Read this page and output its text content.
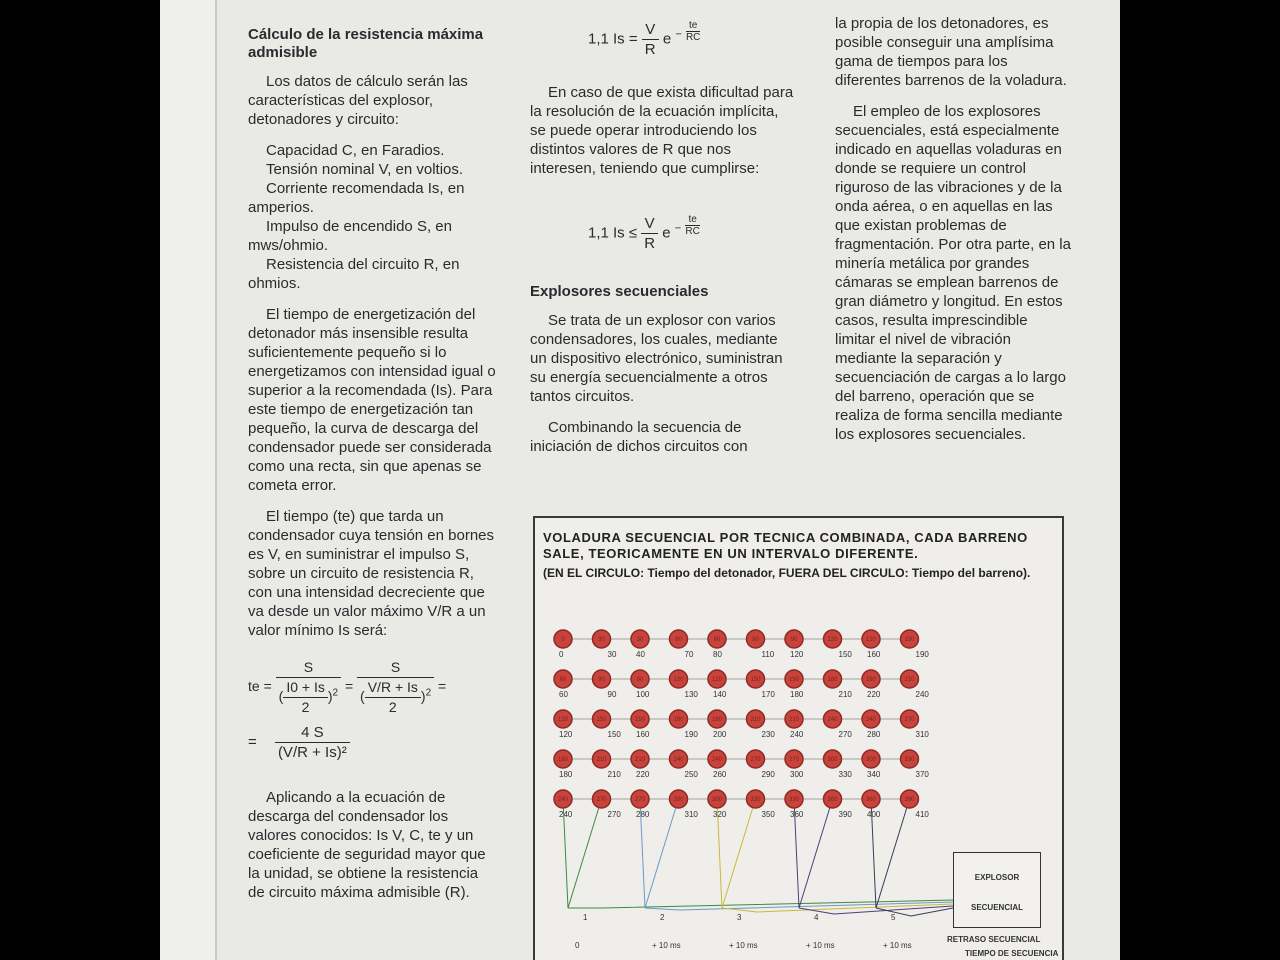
Cálculo de la resistencia máxima admisible

Los datos de cálculo serán las características del explosor, detonadores y circuito:

Capacidad C, en Faradios.

Tensión nominal V, en voltios.

Corriente recomendada Is, en amperios.

Impulso de encendido S, en mws/ohmio.

Resistencia del circuito R, en ohmios.

El tiempo de energetización del detonador más insensible resulta suficientemente pequeño si lo energetizamos con intensidad igual o superior a la recomendada (Is). Para este tiempo de energetización tan pequeño, la curva de descarga del condensador puede ser considerada como una recta, sin que apenas se cometa error.

El tiempo (te) que tarda un condensador cuya tensión en bornes es V, en suministrar el impulso S, sobre un circuito de resistencia R, con una intensidad decreciente que va desde un valor máximo V/R a un valor mínimo Is será:

te = $\frac{S}{( \frac{I0 + Is}{2} )^2} = \frac{S}{( \frac{V/R + Is}{2} )^2}$ =
= $\frac{4 S}{\text{(V/R + Is)²}}$

Aplicando a la ecuación de descarga del condensador los valores conocidos: Is V, C, te y un coeficiente de seguridad mayor que la unidad, se obtiene la resistencia de circuito máxima admisible (R).

1,1 $Is = \frac{V}{R}$ e $^- \frac{te}{RC}$

En caso de que exista dificultad para la resolución de la ecuación implícita, se puede operar introduciendo los distintos valores de R que nos interesen, teniendo que cumplirse:

1,1 $Is \le \frac{V}{R}$ e $^- \frac{te}{RC}$
Explosores secuenciales

Se trata de un explosor con varios condensadores, los cuales, mediante un dispositivo electrónico, suministran su energía secuencialmente a otros tantos circuitos.

Combinando la secuencia de iniciación de dichos circuitos con

la propia de los detonadores, es posible conseguir una amplísima gama de tiempos para los diferentes barrenos de la voladura.

El empleo de los explosores secuenciales, está especialmente indicado en aquellas voladuras en donde se requiere un control riguroso de las vibraciones y de la onda aérea, o en aquellas en las que existan problemas de fragmentación. Por otra parte, en la minería metálica por grandes cámaras se emplean barrenos de gran diámetro y longitud. En estos casos, resulta imprescindible limitar el nivel de vibración mediante la separación y secuenciación de cargas a lo largo del barreno, operación que se realiza de forma sencilla mediante los explosores secuenciales.

VOLADURA SECUENCIAL POR TECNICA COMBINADA, CADA BARRENO SALE, TEORICAMENTE EN UN INTERVALO DIFERENTE.
(EN EL CIRCULO: Tiempo del detonador, FUERA DEL CIRCULO: Tiempo del barreno).
0
0
30
30
30
40
60
70
60
80
90
110
90
120
120
150
120
160
150
190
60
60
90
90
90
100
120
130
120
140
150
170
150
180
180
210
180
220
210
240
120
120
150
150
150
160
180
190
180
200
210
230
210
240
240
270
240
280
270
310
180
180
210
210
210
220
240
250
240
260
270
290
270
300
300
330
300
340
330
370
240
240
270
270
270
280
300
310
300
320
330
350
330
360
360
390
360
400
390
410
1
0
2
+ 10 ms
3
+ 10 ms
4
+ 10 ms
5
+ 10 ms
RETRASO SECUENCIAL
TIEMPO DE SECUENCIA
EXPLOSOR
SECUENCIAL
